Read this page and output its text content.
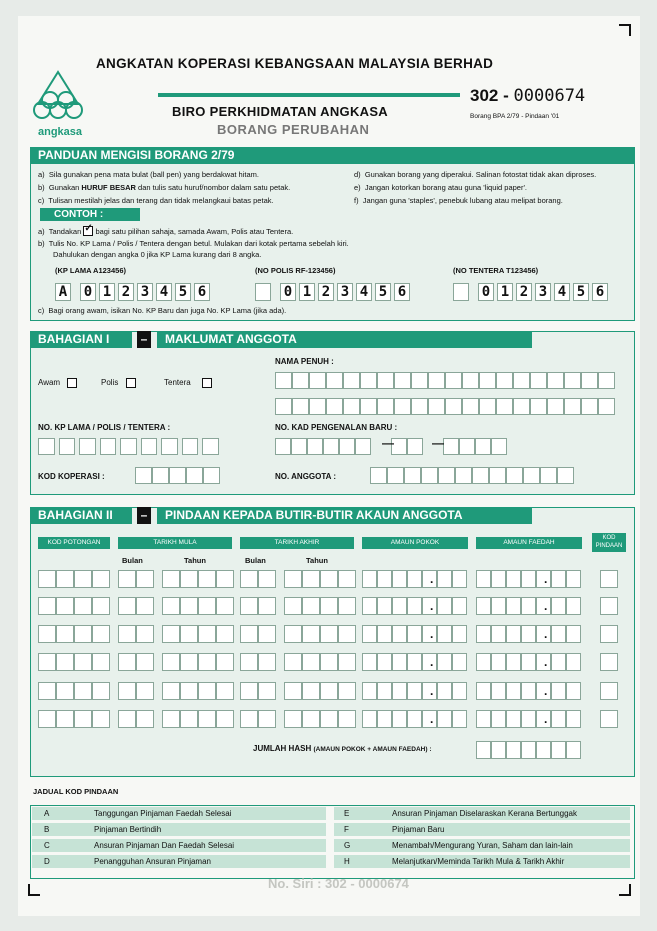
angkasa
ANGKATAN KOPERASI KEBANGSAAN MALAYSIA BERHAD
BIRO PERKHIDMATAN ANGKASA
BORANG PERUBAHAN
302 - 0000674
Borang BPA 2/79 - Pindaan '01
PANDUAN MENGISI BORANG 2/79
a) Sila gunakan pena mata bulat (ball pen) yang berdakwat hitam.
b) Gunakan HURUF BESAR dan tulis satu huruf/nombor dalam satu petak.
c) Tulisan mestilah jelas dan terang dan tidak melangkaui batas petak.
d) Gunakan borang yang diperakui. Salinan fotostat tidak akan diproses.
e) Jangan kotorkan borang atau guna 'liquid paper'.
f) Jangan guna 'staples', penebuk lubang atau melipat borang.
CONTOH :
a) Tandakan ✓ bagi satu pilihan sahaja, samada Awam, Polis atau Tentera.
b) Tulis No. KP Lama / Polis / Tentera dengan betul. Mulakan dari kotak pertama sebelah kiri.
Dahulukan dengan angka 0 jika KP Lama kurang dari 8 angka.
(KP LAMA A123456)	(NO POLIS RF-123456)	(NO TENTERA T123456)
A 0 1 2 3 4 5 6	0 1 2 3 4 5 6	0 1 2 3 4 5 6
c) Bagi orang awam, isikan No. KP Baru dan juga No. KP Lama (jika ada).
BAHAGIAN I	–	MAKLUMAT ANGGOTA
NAMA PENUH :
Awam	Polis	Tentera
NO. KP LAMA / POLIS / TENTERA :	NO. KAD PENGENALAN BARU :
—	—
KOD KOPERASI :	NO. ANGGOTA :
BAHAGIAN II	–	PINDAAN KEPADA BUTIR-BUTIR AKAUN ANGGOTA
KOD POTONGAN	TARIKH MULA	TARIKH AKHIR	AMAUN POKOK	AMAUN FAEDAH
KOD PINDAAN
Bulan	Tahun	Bulan	Tahun
.	.
.	.
.	.
.	.
.	.
.	.
JUMLAH HASH (AMAUN POKOK + AMAUN FAEDAH) :
JADUAL KOD PINDAAN
A	Tanggungan Pinjaman Faedah Selesai	E	Ansuran Pinjaman Diselaraskan Kerana Bertunggak
B	Pinjaman Bertindih	F	Pinjaman Baru
C	Ansuran Pinjaman Dan Faedah Selesai	G	Menambah/Mengurang Yuran, Saham dan lain-lain
D	Penangguhan Ansuran Pinjaman	H	Melanjutkan/Meminda Tarikh Mula & Tarikh Akhir
No. Siri : 302 - 0000674
